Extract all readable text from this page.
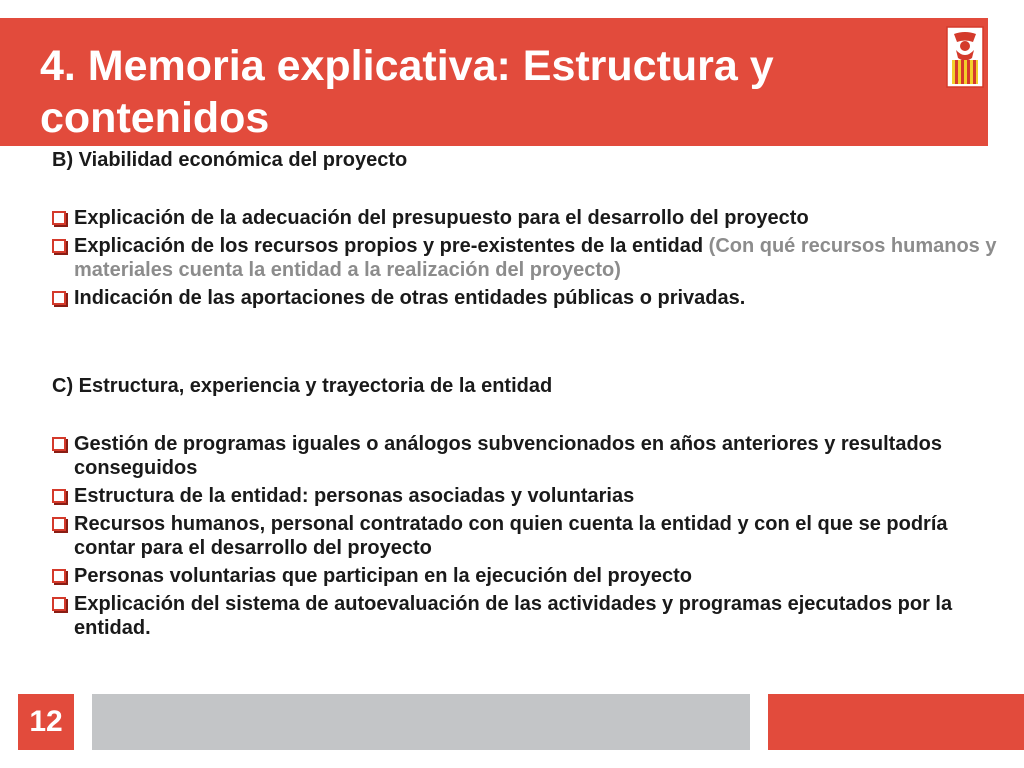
4. Memoria explicativa: Estructura y contenidos

B) Viabilidad económica del proyecto

Explicación de la adecuación del presupuesto para el desarrollo del proyecto
Explicación de los recursos propios y pre-existentes de la entidad (Con qué recursos humanos y materiales cuenta la entidad a la realización del proyecto)
Indicación de las aportaciones de otras entidades públicas o privadas.

C) Estructura, experiencia y trayectoria de la entidad

Gestión de programas iguales o análogos subvencionados en años anteriores y resultados conseguidos
Estructura de la entidad: personas asociadas y voluntarias
Recursos humanos, personal contratado con quien cuenta la entidad y con el que se podría contar para el desarrollo del proyecto
Personas voluntarias que participan en la ejecución del proyecto
Explicación del sistema de autoevaluación de las actividades y programas ejecutados por la entidad.
12
